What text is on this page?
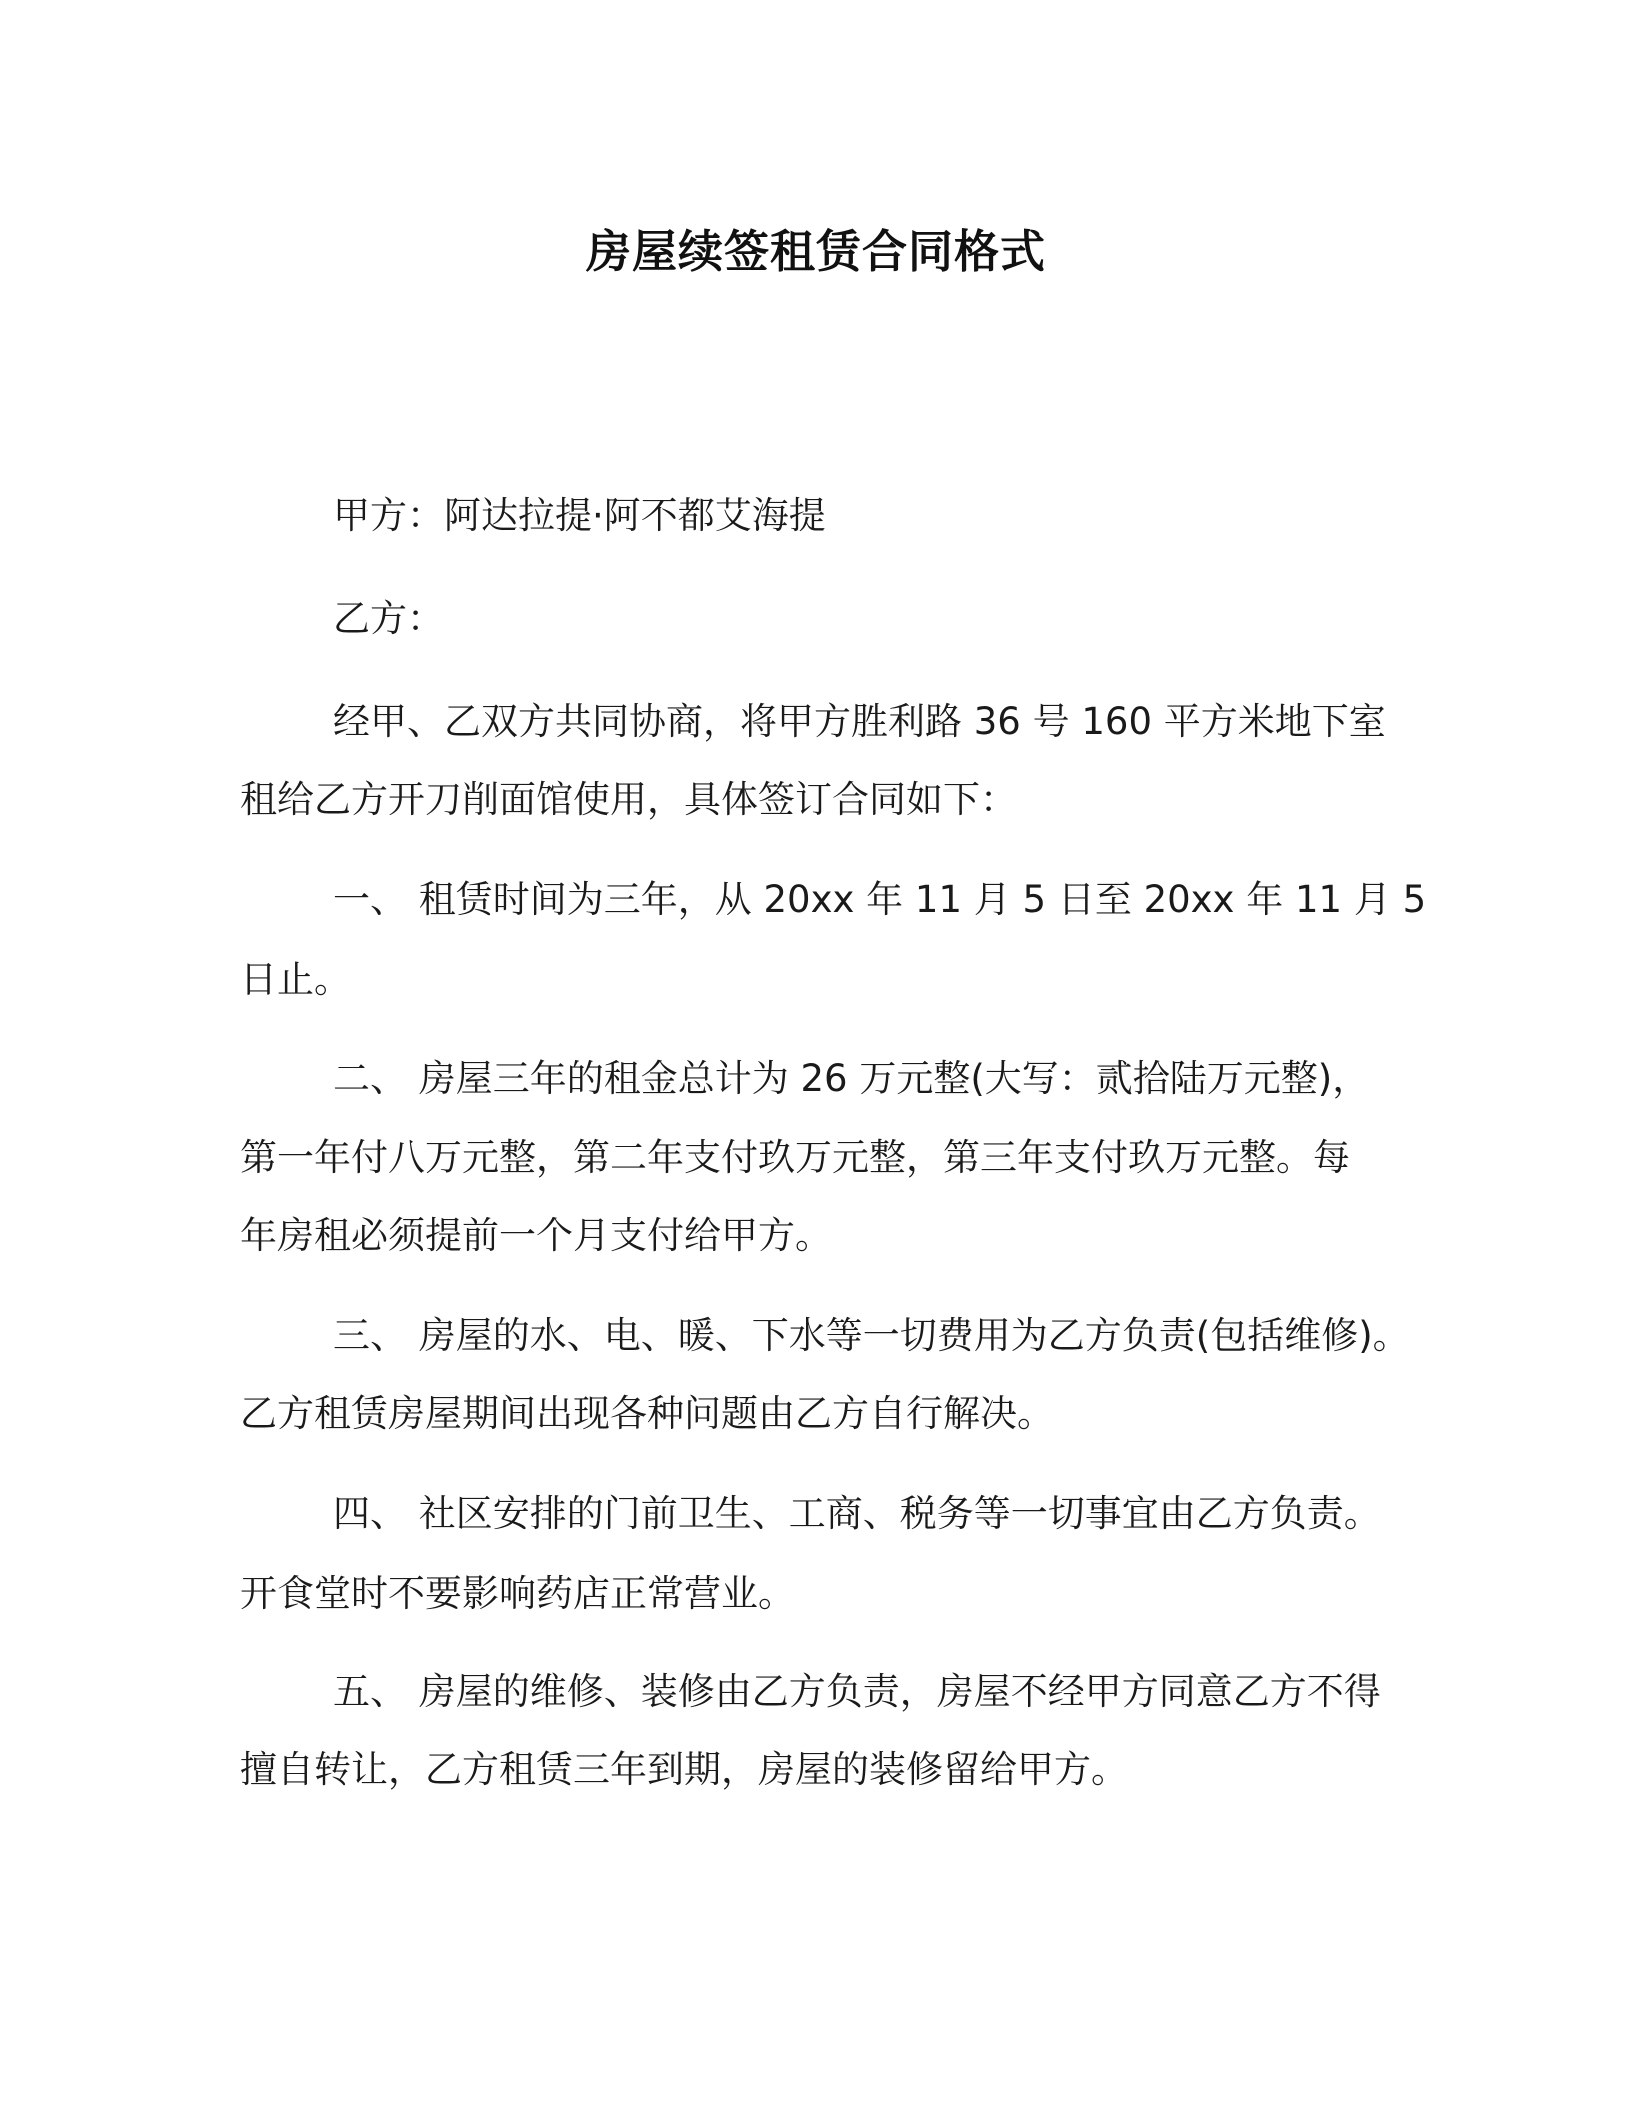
房屋续签租赁合同格式
甲方：阿达拉提·阿不都艾海提
乙方：
经甲、乙双方共同协商，将甲方胜利路 36 号 160 平方米地下室
租给乙方开刀削面馆使用，具体签订合同如下：
一、 租赁时间为三年，从 20xx 年 11 月 5 日至 20xx 年 11 月 5
日止。
二、 房屋三年的租金总计为 26 万元整(大写：贰拾陆万元整)，
第一年付八万元整，第二年支付玖万元整，第三年支付玖万元整。每
年房租必须提前一个月支付给甲方。
三、 房屋的水、电、暖、下水等一切费用为乙方负责(包括维修)。
乙方租赁房屋期间出现各种问题由乙方自行解决。
四、 社区安排的门前卫生、工商、税务等一切事宜由乙方负责。
开食堂时不要影响药店正常营业。
五、 房屋的维修、装修由乙方负责，房屋不经甲方同意乙方不得
擅自转让，乙方租赁三年到期，房屋的装修留给甲方。
